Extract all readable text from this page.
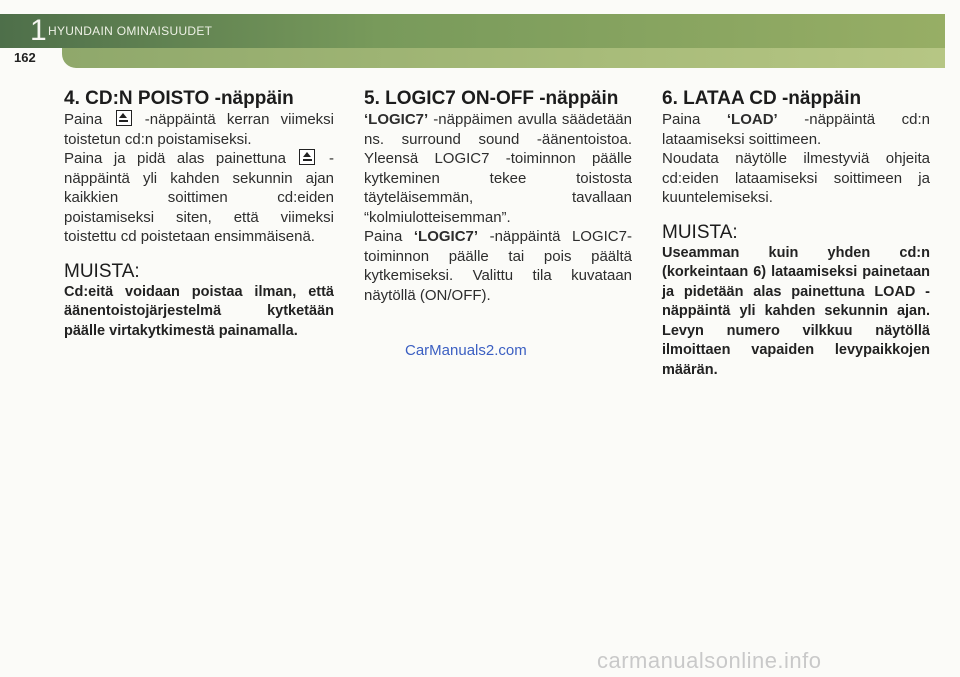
1 HYUNDAIN OMINAISUUDET
162
4. CD:N POISTO -näppäin

Paina  -näppäintä kerran viimeksi toistetun cd:n poistamiseksi.

Paina ja pidä alas painettuna  -näppäintä yli kahden sekunnin ajan kaikkien soittimen cd:eiden poistamiseksi siten, että viimeksi toistettu cd poistetaan ensimmäisenä.

MUISTA:

Cd:eitä voidaan poistaa ilman, että äänentoistojärjestelmä kytketään päälle virtakytkimestä painamalla.

5. LOGIC7 ON-OFF -näppäin

‘LOGIC7’ -näppäimen avulla säädetään ns. surround sound -äänentoistoa. Yleensä LOGIC7 -toiminnon päälle kytkeminen tekee toistosta täyteläisemmän, tavallaan “kolmiulotteisemman”.

Paina ‘LOGIC7’ -näppäintä LOGIC7-toiminnon päälle tai pois päältä kytkemiseksi. Valittu tila kuvataan näytöllä (ON/OFF).

6. LATAA CD -näppäin

Paina ‘LOAD’ -näppäintä cd:n lataamiseksi soittimeen.

Noudata näytölle ilmestyviä ohjeita cd:eiden lataamiseksi soittimeen ja kuuntelemiseksi.

MUISTA:

Useamman kuin yhden cd:n (korkeintaan 6) lataamiseksi painetaan ja pidetään alas painettuna LOAD -näppäintä yli kahden sekunnin ajan. Levyn numero vilkkuu näytöllä ilmoittaen vapaiden levypaikkojen määrän.

CarManuals2.com
carmanualsonline.info
